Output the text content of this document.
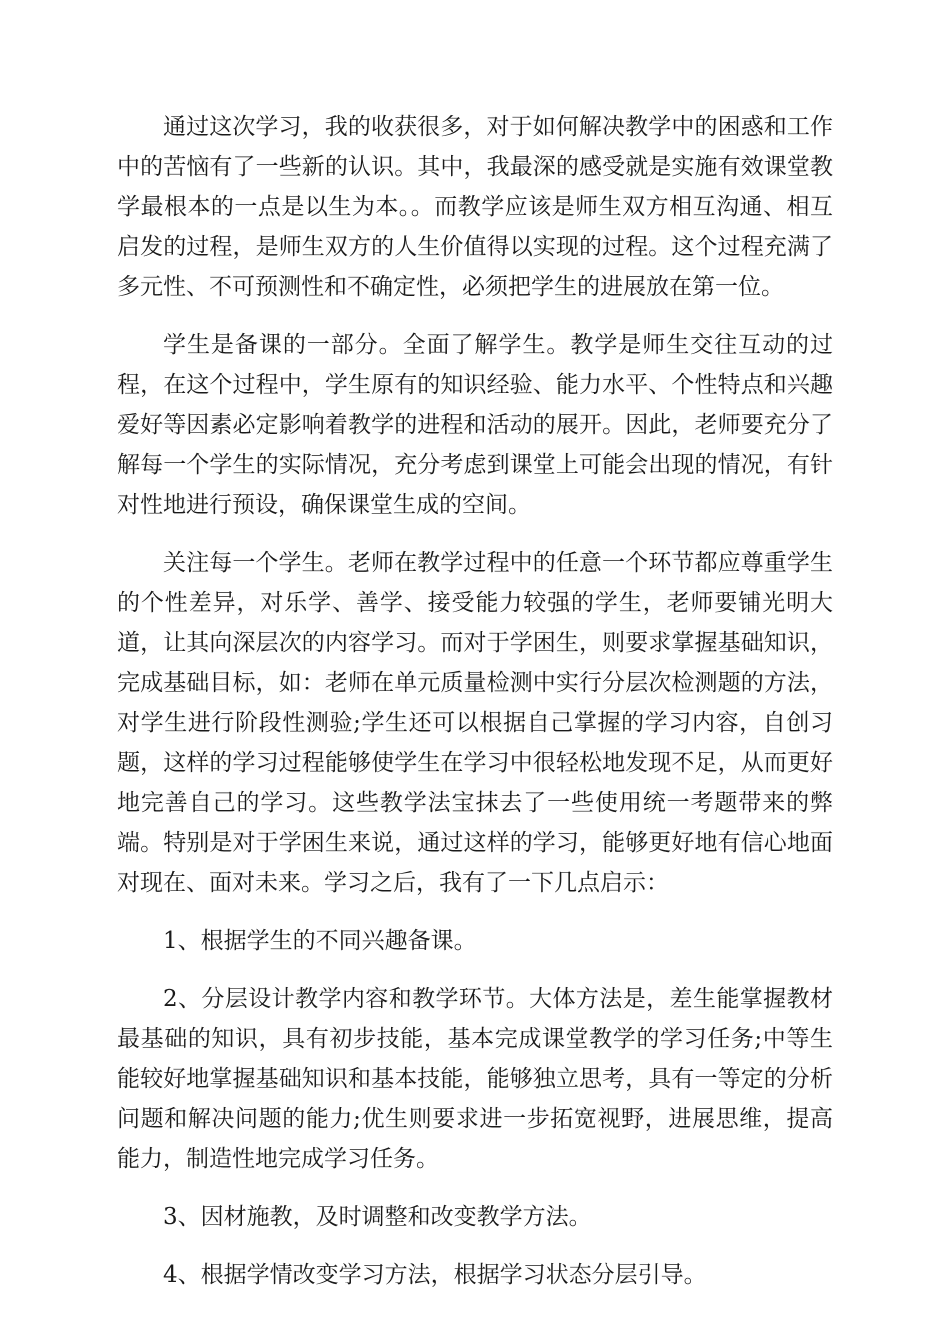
通过这次学习，我的收获很多，对于如何解决教学中的困惑和工作中的苦恼有了一些新的认识。其中，我最深的感受就是实施有效课堂教学最根本的一点是以生为本。。而教学应该是师生双方相互沟通、相互启发的过程，是师生双方的人生价值得以实现的过程。这个过程充满了多元性、不可预测性和不确定性，必须把学生的进展放在第一位。

学生是备课的一部分。全面了解学生。教学是师生交往互动的过程，在这个过程中，学生原有的知识经验、能力水平、个性特点和兴趣爱好等因素必定影响着教学的进程和活动的展开。因此，老师要充分了解每一个学生的实际情况，充分考虑到课堂上可能会出现的情况，有针对性地进行预设，确保课堂生成的空间。

关注每一个学生。老师在教学过程中的任意一个环节都应尊重学生的个性差异，对乐学、善学、接受能力较强的学生，老师要铺光明大道，让其向深层次的内容学习。而对于学困生，则要求掌握基础知识，完成基础目标，如：老师在单元质量检测中实行分层次检测题的方法，对学生进行阶段性测验;学生还可以根据自己掌握的学习内容，自创习题，这样的学习过程能够使学生在学习中很轻松地发现不足，从而更好地完善自己的学习。这些教学法宝抹去了一些使用统一考题带来的弊端。特别是对于学困生来说，通过这样的学习，能够更好地有信心地面对现在、面对未来。学习之后，我有了一下几点启示：

1、根据学生的不同兴趣备课。

2、分层设计教学内容和教学环节。大体方法是，差生能掌握教材最基础的知识，具有初步技能，基本完成课堂教学的学习任务;中等生能较好地掌握基础知识和基本技能，能够独立思考，具有一等定的分析问题和解决问题的能力;优生则要求进一步拓宽视野，进展思维，提高能力，制造性地完成学习任务。

3、因材施教，及时调整和改变教学方法。

4、根据学情改变学习方法，根据学习状态分层引导。
